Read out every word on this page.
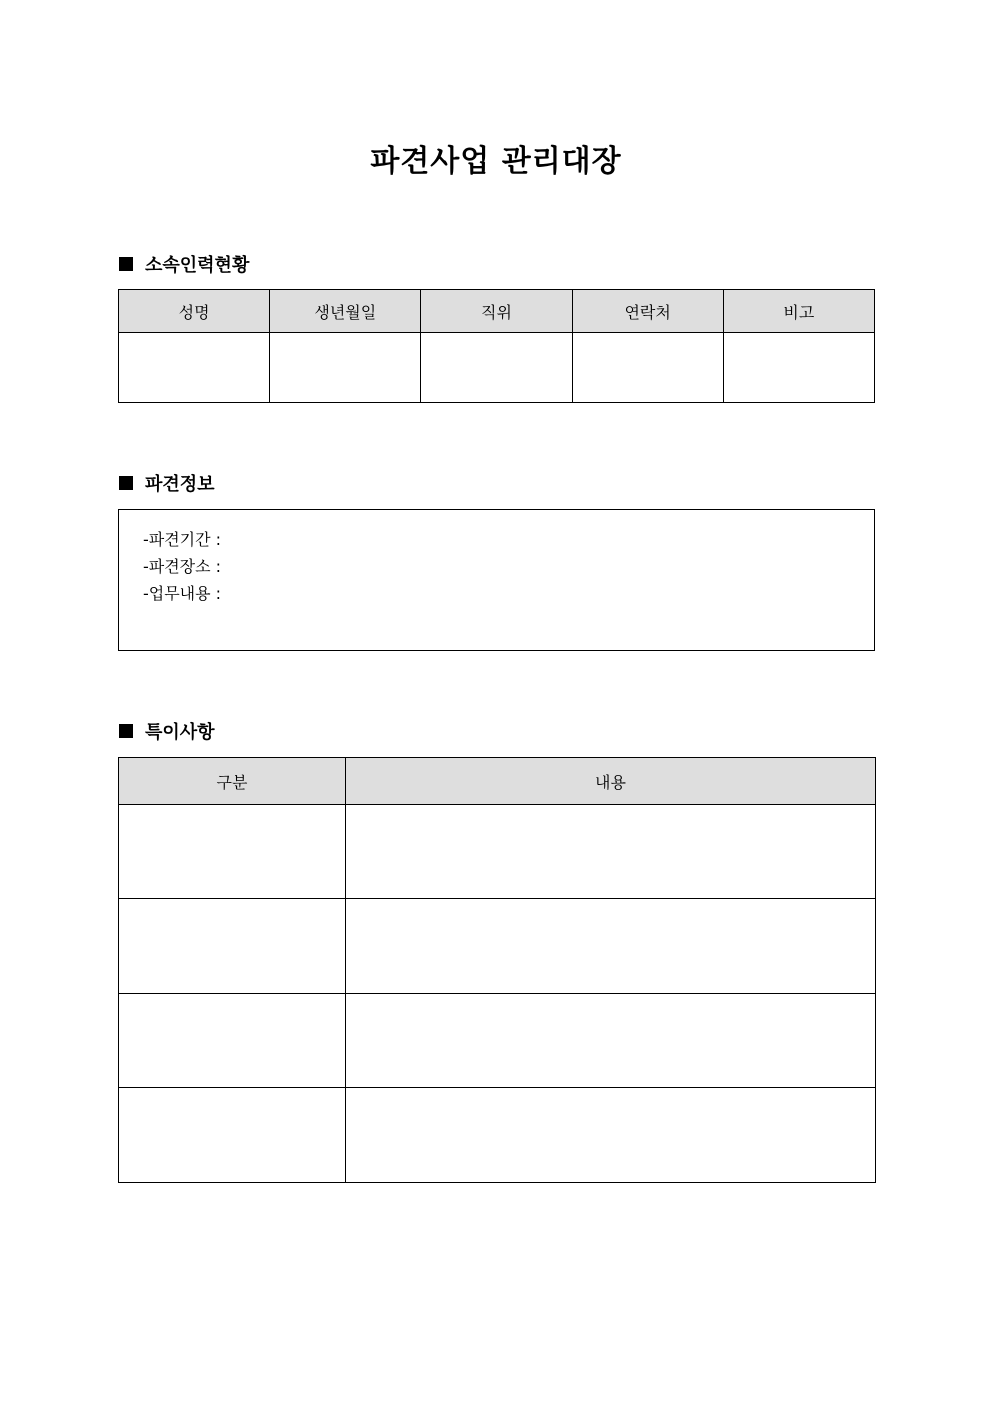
파견사업 관리대장
소속인력현황
성명	생년월일	직위	연락처	비고

파견정보
-파견기간 :
-파견장소 :
-업무내용 :
특이사항
구분	내용
